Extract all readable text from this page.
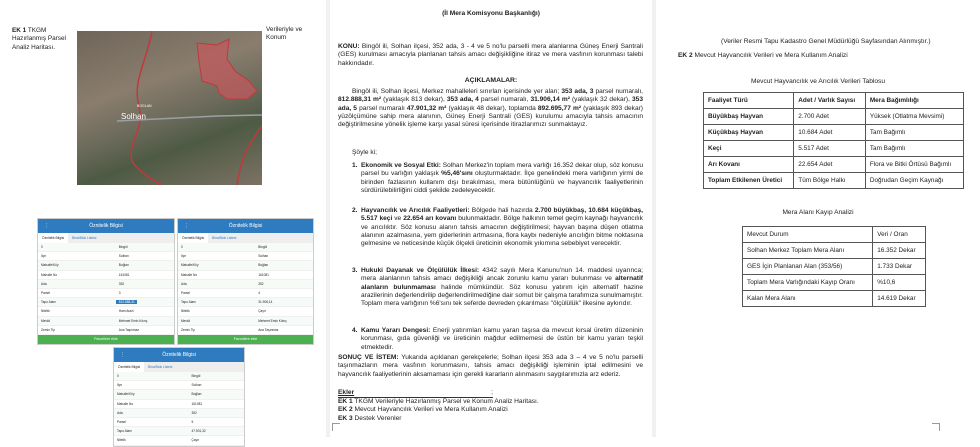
EK 1 TKGM Hazırlanmış Parsel Analiz Haritası.
Verileriyle ve Konum
Solhan
BOGLAN
⋮	Öznitelik Bilgisi
Öznitelik Bilgisi	Bina/Blok Listesi
İl	Bingöl
İlçe	Solhan
Mahalle/Köy	Boğlan
Mahalle No	161081
Ada	352
Parsel	3
Tapu Alanı	812.888,31
Nitelik	Ham Arazi
Mevkii	Mehmet Emin Kılınç
Zemin Tip	Ana Taşınmaz
Favorilere ekle
⋮	Öznitelik Bilgisi
Öznitelik Bilgisi	Bina/Blok Listesi
İl	Bingöl
İlçe	Solhan
Mahalle/Köy	Boğlan
Mahalle No	161081
Ada	352
Parsel	4
Tapu Alanı	31.906,14
Nitelik	Çayır
Mevkii	Mehmet Emin Kılınç
Zemin Tip	Ana Taşınmaz
Favorilere ekle
⋮	Öznitelik Bilgisi
Öznitelik Bilgisi	Bina/Blok Listesi
İl	Bingöl
İlçe	Solhan
Mahalle/Köy	Boğlan
Mahalle No	161081
Ada	352
Parsel	5
Tapu Alanı	47.901,32
Nitelik	Çayır
(İl Mera Komisyonu Başkanlığı)
KONU: Bingöl ili, Solhan ilçesi, 352 ada, 3 - 4 ve 5 no'lu parselli mera alanlarına Güneş Enerji Santrali (GES) kurulması amacıyla planlanan tahsis amacı değişikliğine itiraz ve mera vasfının korunması talebi hakkındadır.
AÇIKLAMALAR:
Bingöl ili, Solhan ilçesi, Merkez mahalleleri sınırları içerisinde yer alan; 353 ada, 3 parsel numaralı, 812.888,31 m² (yaklaşık 813 dekar), 353 ada, 4 parsel numaralı, 31.906,14 m² (yaklaşık 32 dekar), 353 ada, 5 parsel numaralı 47.901,32 m² (yaklaşık 48 dekar), toplamda 892.695,77 m² (yaklaşık 893 dekar) yüzölçümüne sahip mera alanının, Güneş Enerji Santrali (GES) kurulumu amacıyla tahsis amacının değiştirilmesine yönelik işleme karşı yasal süresi içerisinde itirazlarımızı sunmaktayız.
Şöyle ki;
1. Ekonomik ve Sosyal Etki: Solhan Merkez'in toplam mera varlığı 16.352 dekar olup, söz konusu parsel bu varlığın yaklaşık %5,46'sını oluşturmaktadır. İlçe genelindeki mera varlığının yirmi de birinden fazlasının kullanım dışı bırakılması, mera bütünlüğünü ve hayvancılık faaliyetlerinin sürdürülebilirliğini ciddi şekilde zedeleyecektir.
2. Hayvancılık ve Arıcılık Faaliyetleri: Bölgede hali hazırda 2.700 büyükbaş, 10.684 küçükbaş, 5.517 keçi ve 22.654 arı kovanı bulunmaktadır. Bölge halkının temel geçim kaynağı hayvancılık ve arıcılıktır. Söz konusu alanın tahsis amacının değiştirilmesi; hayvan başına düşen otlatma alanının azalmasına, yem giderlerinin artmasına, flora kaybı nedeniyle arıcılığın bitme noktasına gelmesine ve neticesinde küçük ölçekli üreticinin ekonomik yıkımına sebebiyet verecektir.
3. Hukuki Dayanak ve Ölçülülük İlkesi: 4342 sayılı Mera Kanunu'nun 14. maddesi uyarınca; mera alanlarının tahsis amacı değişikliği ancak zorunlu kamu yararı bulunması ve alternatif alanların bulunmaması halinde mümkündür. Söz konusu yatırım için alternatif hazine arazilerinin değerlendirilip değerlendirilmediğine dair somut bir çalışma tarafımıza sunulmamıştır. Toplam mera varlığının %6'sını tek seferde devreden çıkarılması "ölçülülük" ilkesine aykırıdır.
4. Kamu Yararı Dengesi: Enerji yatırımları kamu yararı taşısa da mevcut kırsal üretim düzeninin korunması, gıda güvenliği ve üreticinin mağdur edilmemesi de üstün bir kamu yararı teşkil etmektedir.
SONUÇ VE İSTEM: Yukarıda açıklanan gerekçelerle; Solhan ilçesi 353 ada 3 – 4 ve 5 no'lu parselli taşınmazların mera vasfının korunmasını, tahsis amacı değişikliği işleminin iptal edilmesini ve hayvancılık faaliyetlerinin aksamaması için gerekli kararların alınmasını saygılarımızla arz ederiz.
Ekler	;
EK 1 TKGM Verileriyle Hazırlanmış Parsel ve Konum Analiz Haritası.
EK 2 Mevcut Hayvancılık Verileri ve Mera Kullanım Analizi
EK 3 Destek Verenler
(Veriler Resmi Tapu Kadastro Genel Müdürlüğü Sayfasından Alınmıştır.)
EK 2 Mevcut Hayvancılık Verileri ve Mera Kullanım Analizi
Mevcut Hayvancılık ve Arıcılık Verileri Tablosu
Faaliyet Türü	Adet / Varlık Sayısı	Mera Bağımlılığı
Büyükbaş Hayvan	2.700 Adet	Yüksek (Otlatma Mevsimi)
Küçükbaş Hayvan	10.684 Adet	Tam Bağımlı
Keçi	5.517 Adet	Tam Bağımlı
Arı Kovanı	22.654 Adet	Flora ve Bitki Örtüsü Bağımlı
Toplam Etkilenen Üretici	Tüm Bölge Halkı	Doğrudan Geçim Kaynağı
Mera Alanı Kayıp Analizi
Mevcut Durum	Veri / Oran
Solhan Merkez Toplam Mera Alanı	16.352 Dekar
GES İçin Planlanan Alan (353/56)	1.733 Dekar
Toplam Mera Varlığındaki Kayıp Oranı	%10,6
Kalan Mera Alanı	14.619 Dekar
